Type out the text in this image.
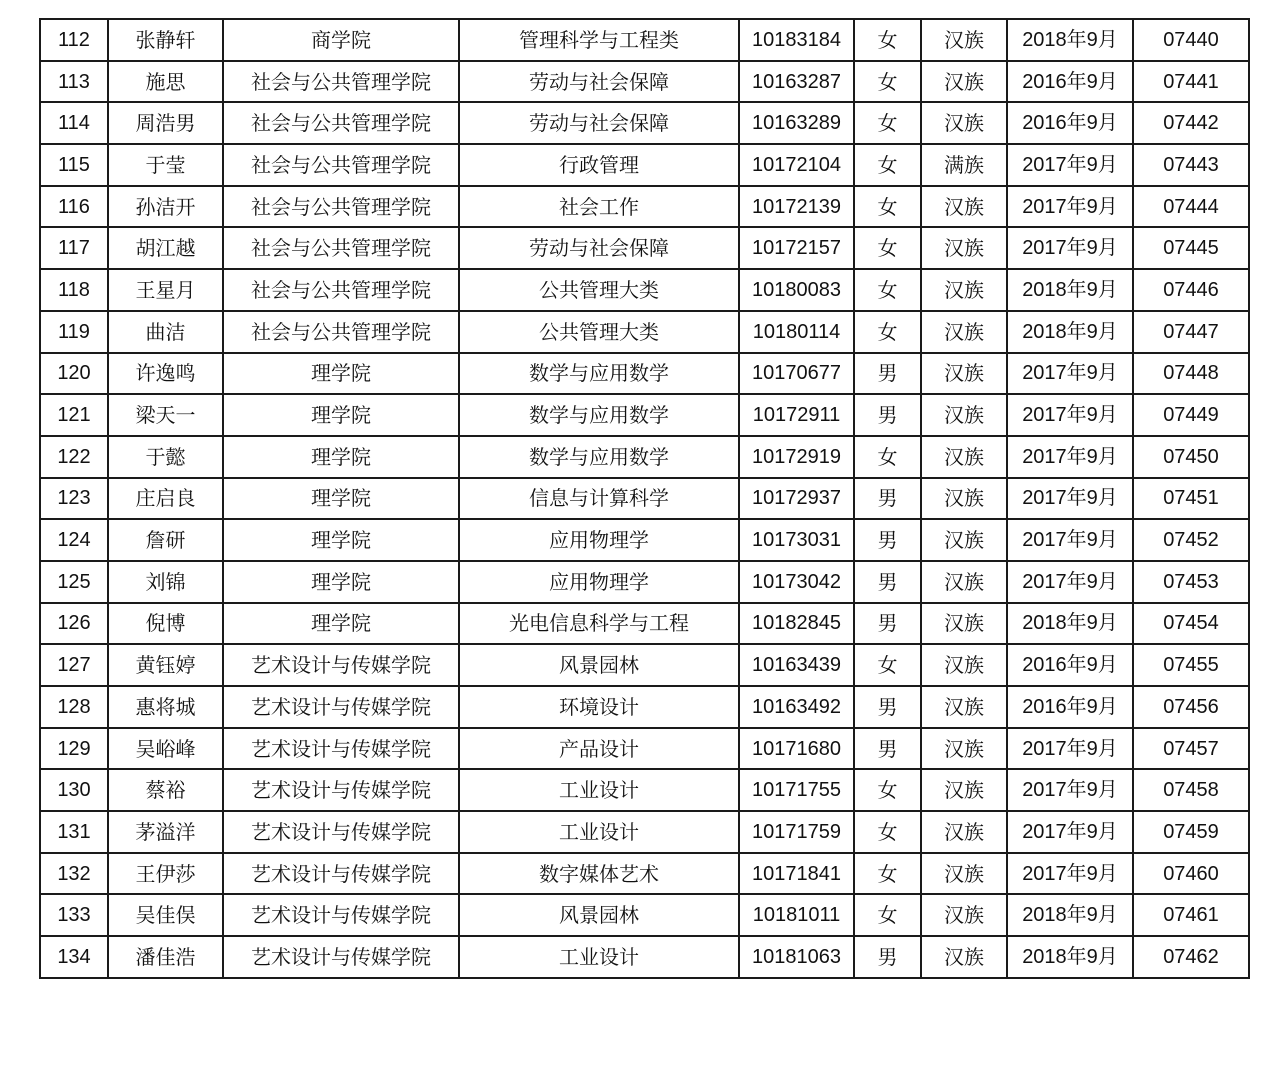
112	张静轩	商学院	管理科学与工程类	10183184	女	汉族	2018年9月	07440
113	施思	社会与公共管理学院	劳动与社会保障	10163287	女	汉族	2016年9月	07441
114	周浩男	社会与公共管理学院	劳动与社会保障	10163289	女	汉族	2016年9月	07442
115	于莹	社会与公共管理学院	行政管理	10172104	女	满族	2017年9月	07443
116	孙洁开	社会与公共管理学院	社会工作	10172139	女	汉族	2017年9月	07444
117	胡江越	社会与公共管理学院	劳动与社会保障	10172157	女	汉族	2017年9月	07445
118	王星月	社会与公共管理学院	公共管理大类	10180083	女	汉族	2018年9月	07446
119	曲洁	社会与公共管理学院	公共管理大类	10180114	女	汉族	2018年9月	07447
120	许逸鸣	理学院	数学与应用数学	10170677	男	汉族	2017年9月	07448
121	梁天一	理学院	数学与应用数学	10172911	男	汉族	2017年9月	07449
122	于懿	理学院	数学与应用数学	10172919	女	汉族	2017年9月	07450
123	庄启良	理学院	信息与计算科学	10172937	男	汉族	2017年9月	07451
124	詹研	理学院	应用物理学	10173031	男	汉族	2017年9月	07452
125	刘锦	理学院	应用物理学	10173042	男	汉族	2017年9月	07453
126	倪博	理学院	光电信息科学与工程	10182845	男	汉族	2018年9月	07454
127	黄钰婷	艺术设计与传媒学院	风景园林	10163439	女	汉族	2016年9月	07455
128	惠将城	艺术设计与传媒学院	环境设计	10163492	男	汉族	2016年9月	07456
129	吴峪峰	艺术设计与传媒学院	产品设计	10171680	男	汉族	2017年9月	07457
130	蔡裕	艺术设计与传媒学院	工业设计	10171755	女	汉族	2017年9月	07458
131	茅溢洋	艺术设计与传媒学院	工业设计	10171759	女	汉族	2017年9月	07459
132	王伊莎	艺术设计与传媒学院	数字媒体艺术	10171841	女	汉族	2017年9月	07460
133	吴佳俣	艺术设计与传媒学院	风景园林	10181011	女	汉族	2018年9月	07461
134	潘佳浩	艺术设计与传媒学院	工业设计	10181063	男	汉族	2018年9月	07462
